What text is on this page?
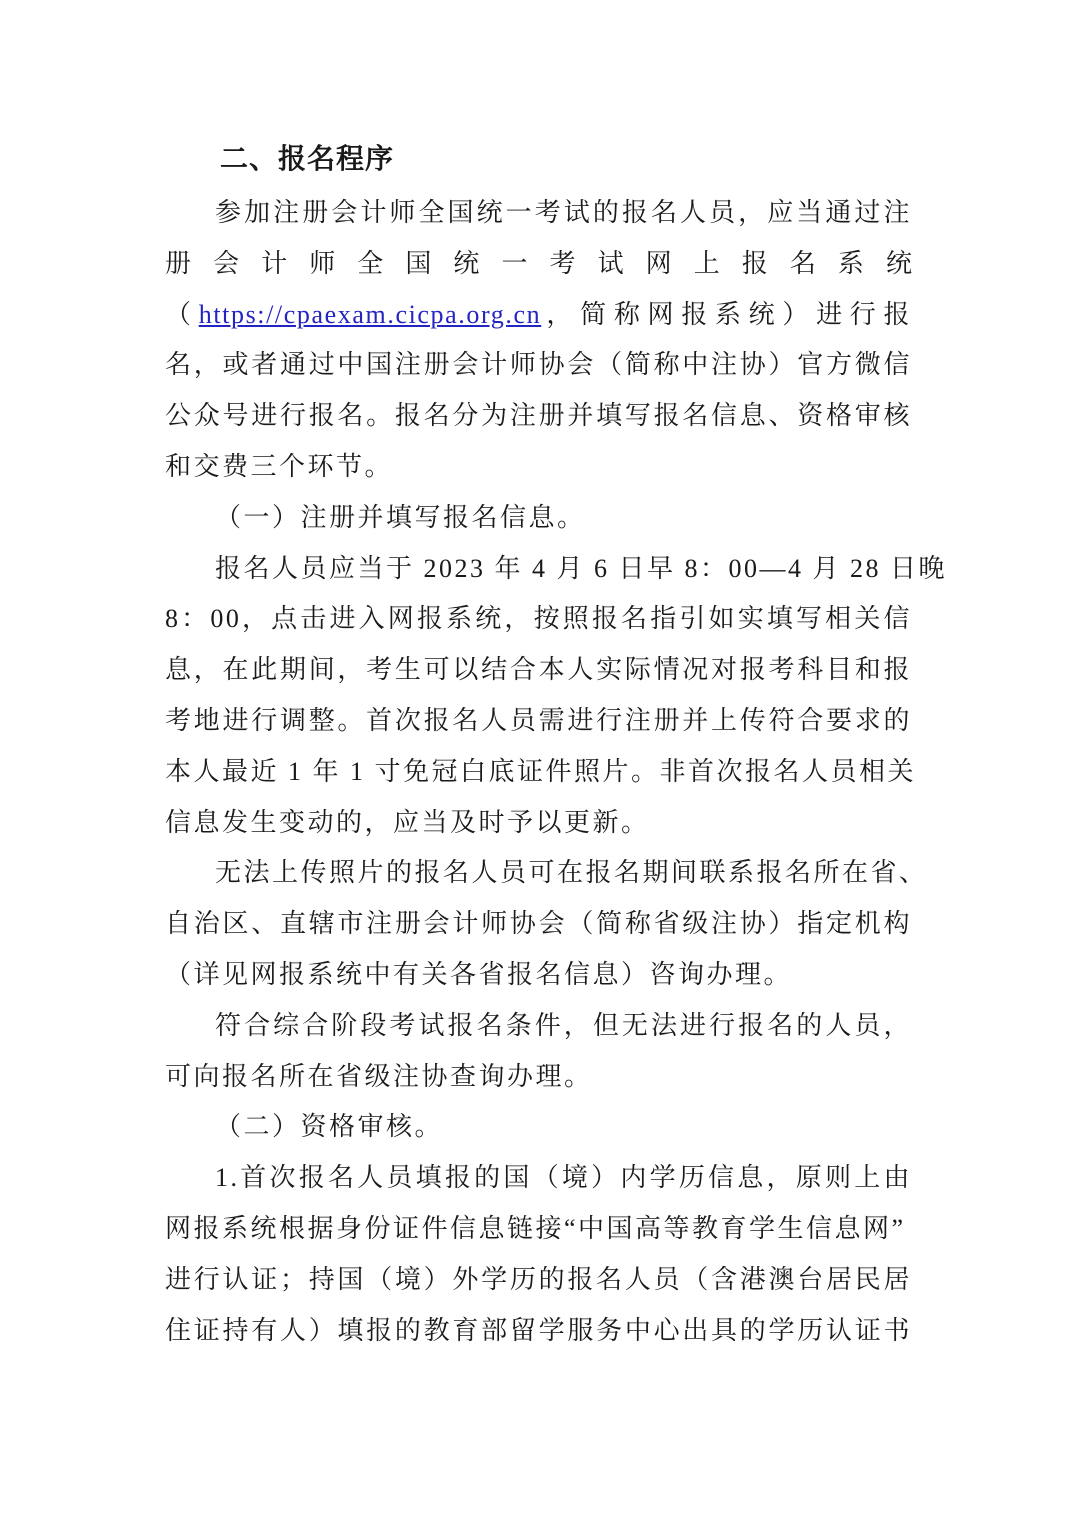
二、报名程序
参加注册会计师全国统一考试的报名人员，应当通过注
册 会 计 师 全 国 统 一 考 试 网 上 报 名 系 统
（https://cpaexam.cicpa.org.cn，简称网报系统）进行报
名，或者通过中国注册会计师协会（简称中注协）官方微信
公众号进行报名。报名分为注册并填写报名信息、资格审核
和交费三个环节。
（一）注册并填写报名信息。
报名人员应当于 2023 年 4 月 6 日早 8：00—4 月 28 日晚
8：00，点击进入网报系统，按照报名指引如实填写相关信
息，在此期间，考生可以结合本人实际情况对报考科目和报
考地进行调整。首次报名人员需进行注册并上传符合要求的
本人最近 1 年 1 寸免冠白底证件照片。非首次报名人员相关
信息发生变动的，应当及时予以更新。
无法上传照片的报名人员可在报名期间联系报名所在省、
自治区、直辖市注册会计师协会（简称省级注协）指定机构
（详见网报系统中有关各省报名信息）咨询办理。
符合综合阶段考试报名条件，但无法进行报名的人员，
可向报名所在省级注协查询办理。
（二）资格审核。
1.首次报名人员填报的国（境）内学历信息，原则上由
网报系统根据身份证件信息链接“中国高等教育学生信息网”
进行认证；持国（境）外学历的报名人员（含港澳台居民居
住证持有人）填报的教育部留学服务中心出具的学历认证书
